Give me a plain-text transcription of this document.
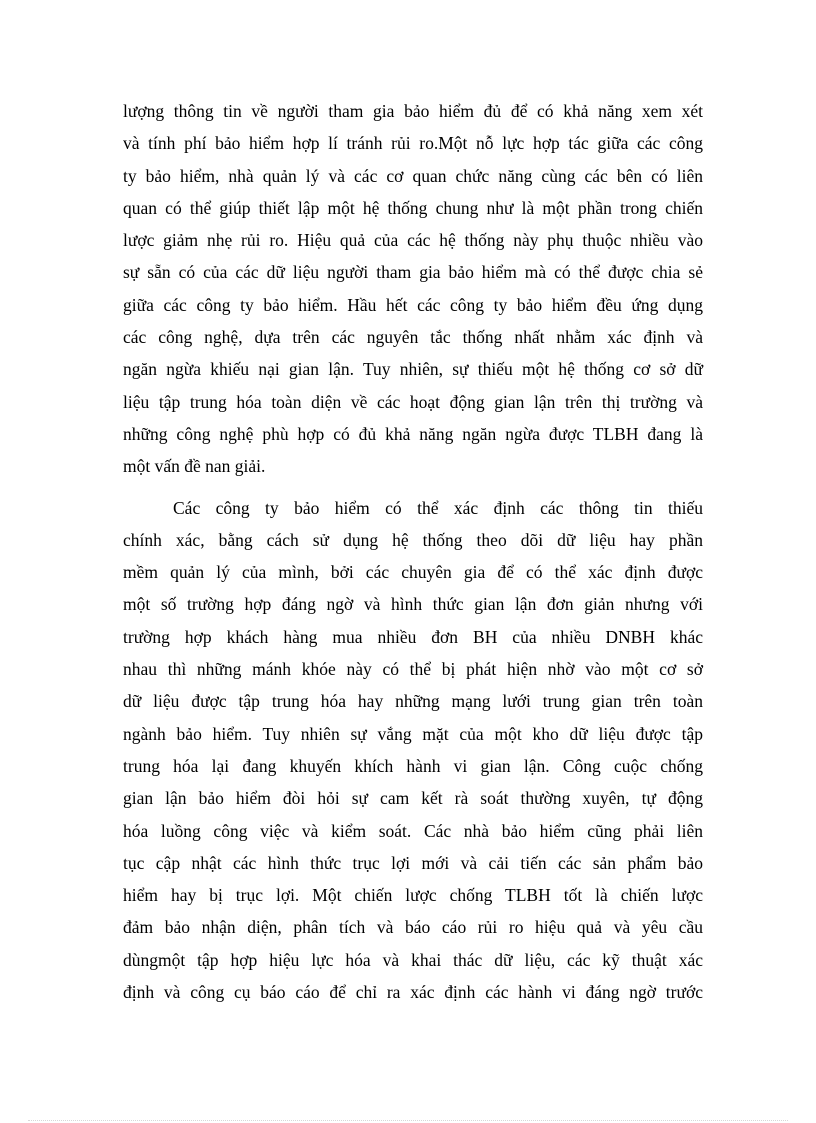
lượng thông tin về người tham gia bảo hiểm đủ để có khả năng xem xét
và tính phí bảo hiểm hợp lí tránh rủi ro.Một nỗ lực hợp tác giữa các công
ty bảo hiểm, nhà quản lý và các cơ quan chức năng cùng các bên có liên
quan có thể giúp thiết lập một hệ thống chung như là một phần trong chiến
lược giảm nhẹ rủi ro. Hiệu quả của các hệ thống này phụ thuộc nhiều vào
sự sẵn có của các dữ liệu người tham gia bảo hiểm mà có thể được chia sẻ
giữa các công ty bảo hiểm. Hầu hết các công ty bảo hiểm đều ứng dụng
các công nghệ, dựa trên các nguyên tắc thống nhất nhằm xác định và
ngăn ngừa khiếu nại gian lận. Tuy nhiên, sự thiếu một hệ thống cơ sở dữ
liệu tập trung hóa toàn diện về các hoạt động gian lận trên thị trường và
những công nghệ phù hợp có đủ khả năng ngăn ngừa được TLBH đang là
một vấn đề nan giải.
Các công ty bảo hiểm có thể xác định các thông tin thiếu
chính xác, bằng cách sử dụng hệ thống theo dõi dữ liệu hay phần
mềm quản lý của mình, bởi các chuyên gia để có thể xác định được
một số trường hợp đáng ngờ và hình thức gian lận đơn giản nhưng với
trường hợp khách hàng mua nhiều đơn BH của nhiều DNBH khác
nhau thì những mánh khóe này có thể bị phát hiện nhờ vào một cơ sở
dữ liệu được tập trung hóa hay những mạng lưới trung gian trên toàn
ngành bảo hiểm. Tuy nhiên sự vắng mặt của một kho dữ liệu được tập
trung hóa lại đang khuyến khích hành vi gian lận. Công cuộc chống
gian lận bảo hiểm đòi hỏi sự cam kết rà soát thường xuyên, tự động
hóa luồng công việc và kiểm soát. Các nhà bảo hiểm cũng phải liên
tục cập nhật các hình thức trục lợi mới và cải tiến các sản phẩm bảo
hiểm hay bị trục lợi. Một chiến lược chống TLBH tốt là chiến lược
đảm bảo nhận diện, phân tích và báo cáo rủi ro hiệu quả và yêu cầu
dùngmột tập hợp hiệu lực hóa và khai thác dữ liệu, các kỹ thuật xác
định và công cụ báo cáo để chỉ ra xác định các hành vi đáng ngờ trước
